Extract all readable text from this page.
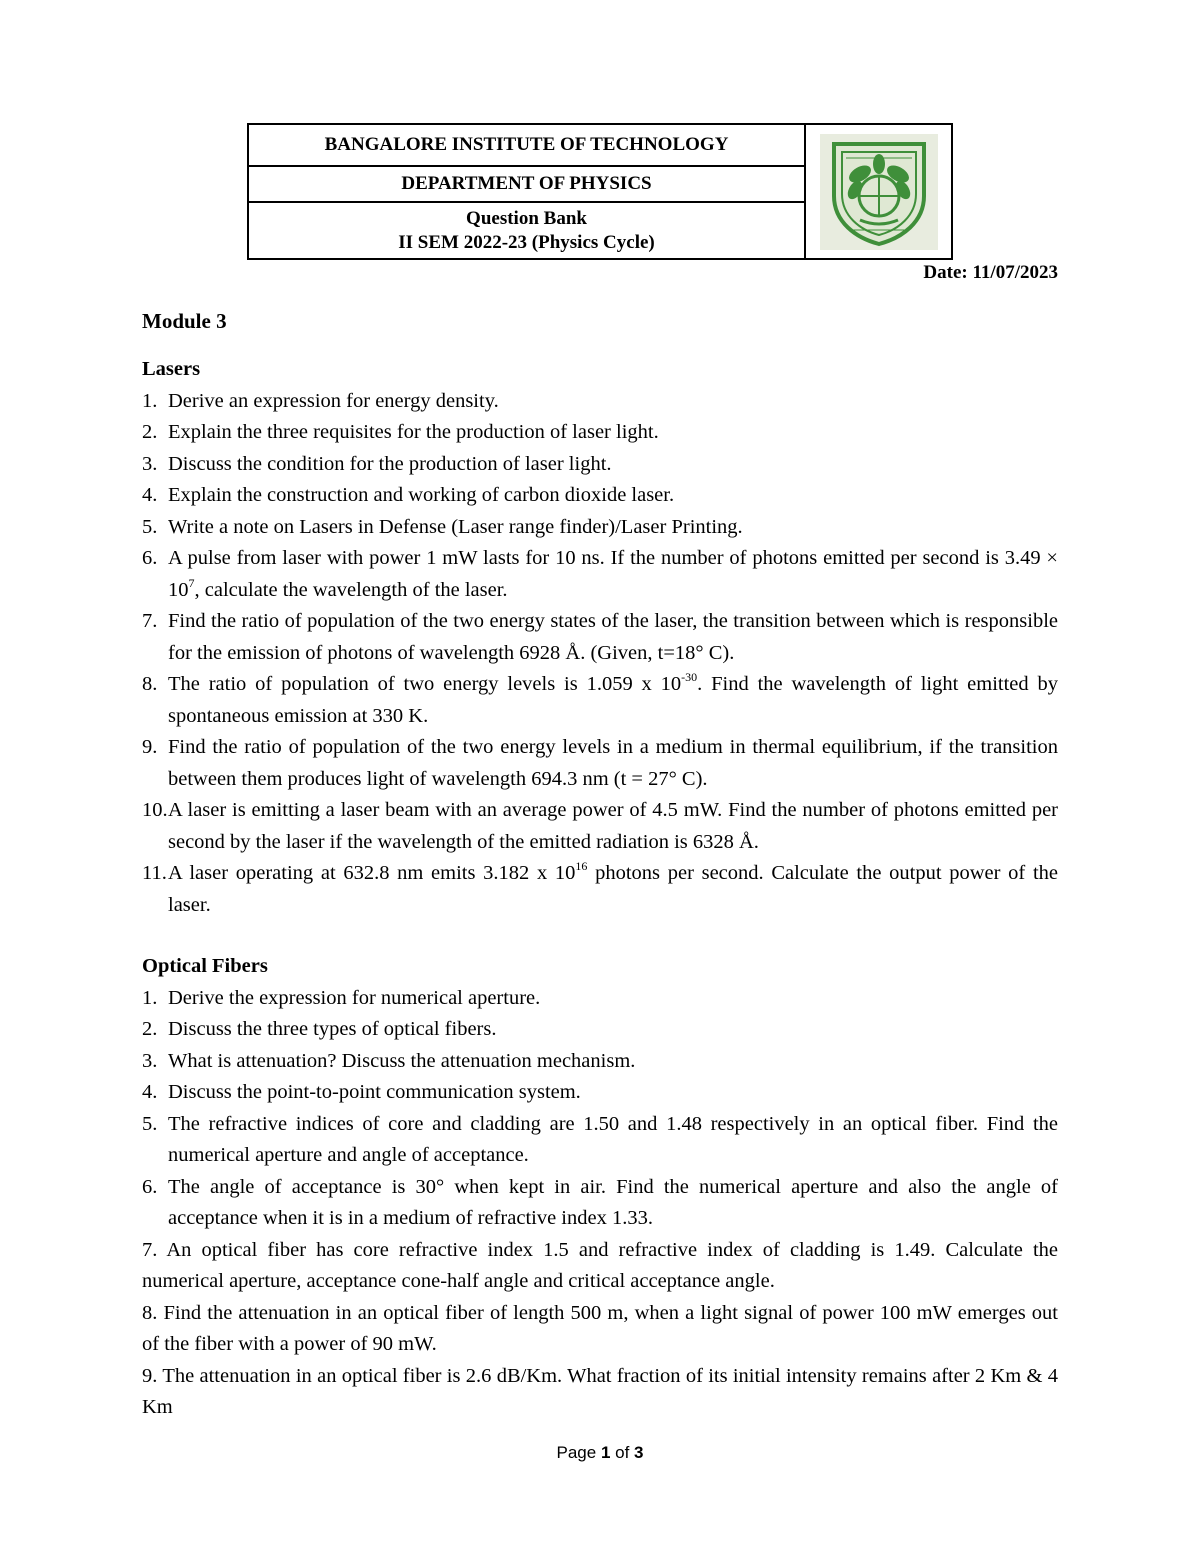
BANGALORE INSTITUTE OF TECHNOLOGY
DEPARTMENT OF PHYSICS
Question Bank
II SEM 2022-23 (Physics Cycle)
Date: 11/07/2023
Module 3
Lasers
1. Derive an expression for energy density.
2. Explain the three requisites for the production of laser light.
3. Discuss the condition for the production of laser light.
4. Explain the construction and working of carbon dioxide laser.
5. Write a note on Lasers in Defense (Laser range finder)/Laser Printing.
6. A pulse from laser with power 1 mW lasts for 10 ns. If the number of photons emitted per second is $3.49 \times 10^7$, calculate the wavelength of the laser.
7. Find the ratio of population of the two energy states of the laser, the transition between which is responsible for the emission of photons of wavelength 6928 Å. (Given, t=18° C).
8. The ratio of population of two energy levels is 1.059 x $10^{-30}$. Find the wavelength of light emitted by spontaneous emission at 330 K.
9. Find the ratio of population of the two energy levels in a medium in thermal equilibrium, if the transition between them produces light of wavelength 694.3 nm (t = 27° C).
10. A laser is emitting a laser beam with an average power of 4.5 mW. Find the number of photons emitted per second by the laser if the wavelength of the emitted radiation is 6328 Å.
11. A laser operating at 632.8 nm emits 3.182 x $10^{16}$ photons per second. Calculate the output power of the laser.
Optical Fibers
1. Derive the expression for numerical aperture.
2. Discuss the three types of optical fibers.
3. What is attenuation? Discuss the attenuation mechanism.
4. Discuss the point-to-point communication system.
5. The refractive indices of core and cladding are 1.50 and 1.48 respectively in an optical fiber. Find the numerical aperture and angle of acceptance.
6. The angle of acceptance is 30° when kept in air. Find the numerical aperture and also the angle of acceptance when it is in a medium of refractive index 1.33.
7. An optical fiber has core refractive index 1.5 and refractive index of cladding is 1.49. Calculate the numerical aperture, acceptance cone-half angle and critical acceptance angle.
8. Find the attenuation in an optical fiber of length 500 m, when a light signal of power 100 mW emerges out of the fiber with a power of 90 mW.
9. The attenuation in an optical fiber is 2.6 dB/Km. What fraction of its initial intensity remains after 2 Km & 4 Km
Page 1 of 3
